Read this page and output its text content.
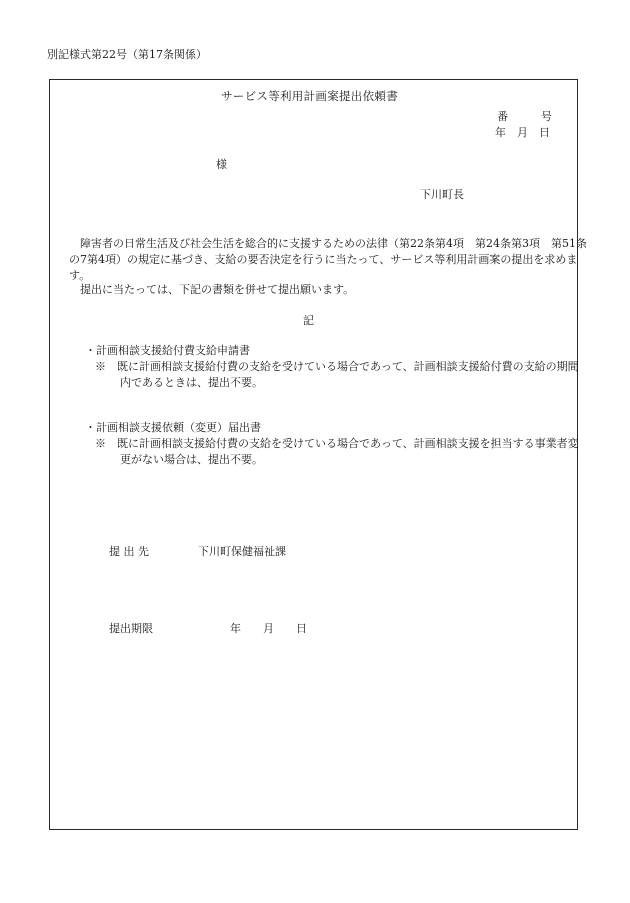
別記様式第22号（第17条関係）
サービス等利用計画案提出依頼書
番　　　号
年　月　日
様
下川町長
障害者の日常生活及び社会生活を総合的に支援するための法律（第22条第4項　第24条第3項　第51条
の7第4項）の規定に基づき、支給の要否決定を行うに当たって、サービス等利用計画案の提出を求めま
す。
提出に当たっては、下記の書類を併せて提出願います。
記
・計画相談支援給付費支給申請書
※　既に計画相談支援給付費の支給を受けている場合であって、計画相談支援給付費の支給の期間
内であるときは、提出不要。
・計画相談支援依頼（変更）届出書
※　既に計画相談支援給付費の支給を受けている場合であって、計画相談支援を担当する事業者変
更がない場合は、提出不要。
提 出 先	下川町保健福祉課
提出期限	年　　月　　日
